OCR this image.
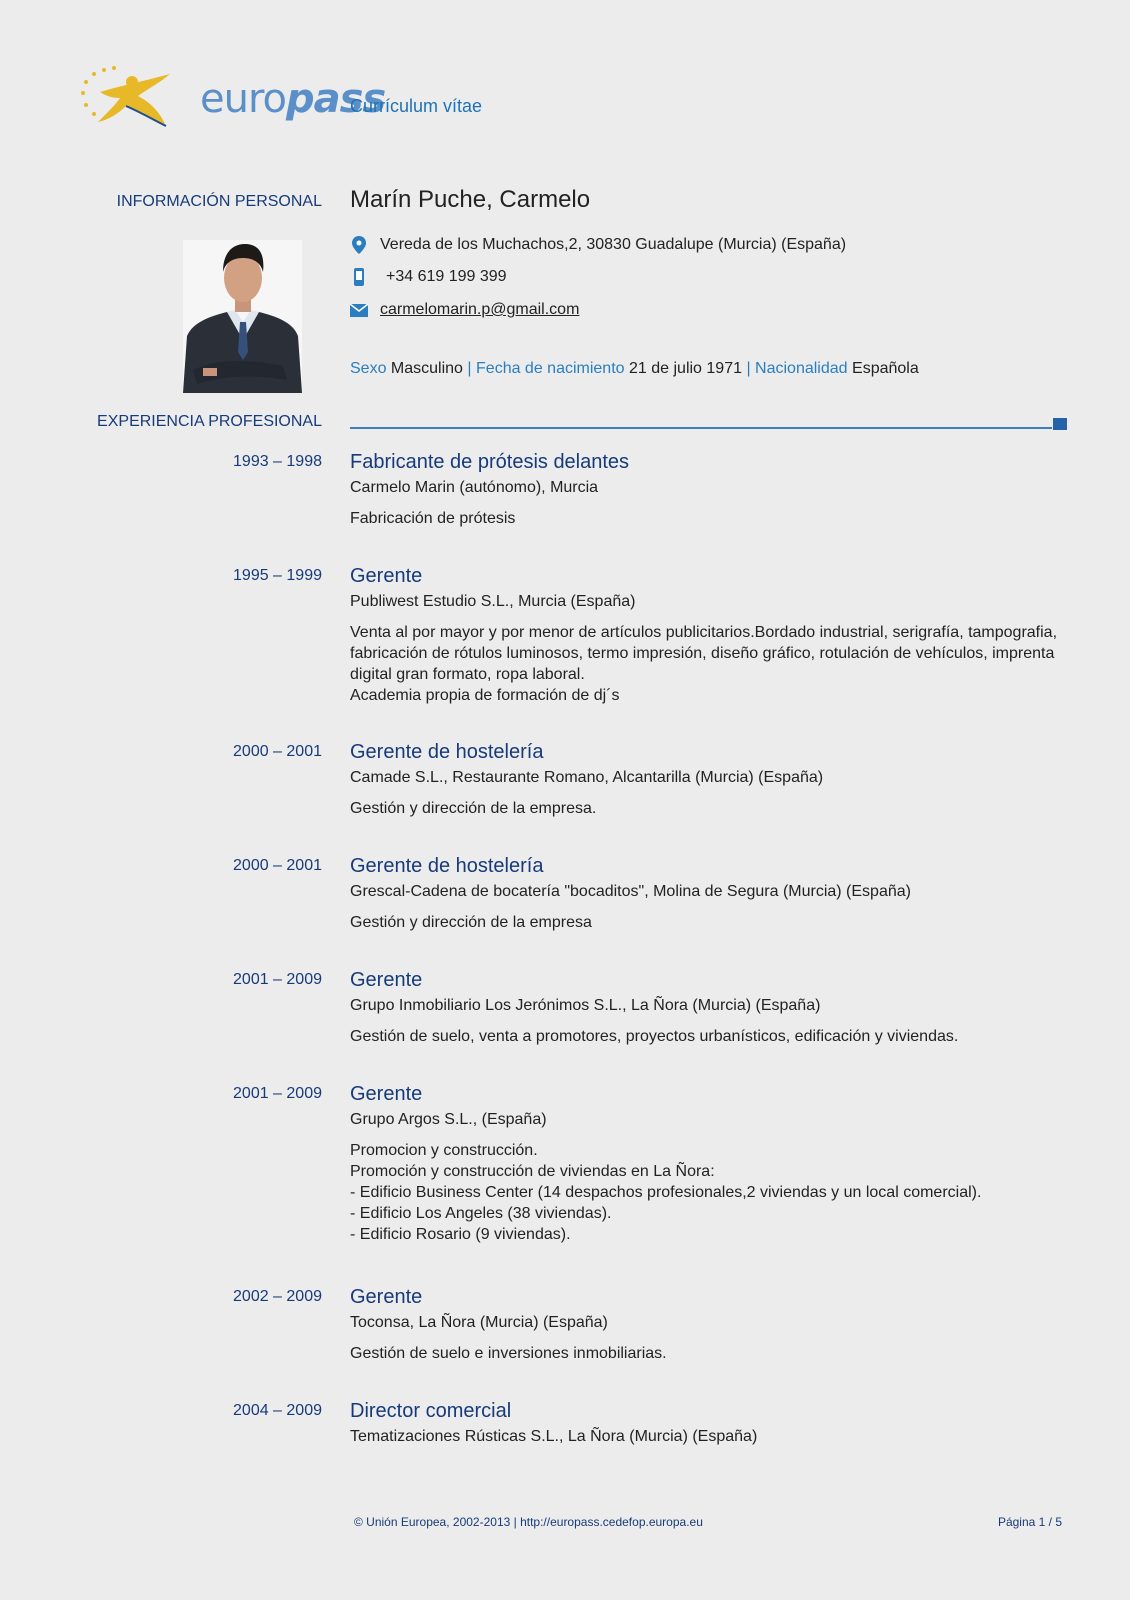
europass
Currículum vítae
INFORMACIÓN PERSONAL Marín Puche, Carmelo
Vereda de los Muchachos,2, 30830 Guadalupe (Murcia) (España)
+34 619 199 399
carmelomarin.p@gmail.com
Sexo Masculino | Fecha de nacimiento 21 de julio 1971 | Nacionalidad Española
EXPERIENCIA PROFESIONAL
1993 – 1998 Fabricante de prótesis delantes
Carmelo Marin (autónomo), Murcia
Fabricación de prótesis
1995 – 1999 Gerente
Publiwest Estudio S.L., Murcia (España)
Venta al por mayor y por menor de artículos publicitarios.Bordado industrial, serigrafía, tampografia, fabricación de rótulos luminosos, termo impresión, diseño gráfico, rotulación de vehículos, imprenta digital gran formato, ropa laboral.
Academia propia de formación de dj´s
2000 – 2001 Gerente de hostelería
Camade S.L., Restaurante Romano, Alcantarilla (Murcia) (España)
Gestión y dirección de la empresa.
2000 – 2001 Gerente de hostelería
Grescal-Cadena de bocatería "bocaditos", Molina de Segura (Murcia) (España)
Gestión y dirección de la empresa
2001 – 2009 Gerente
Grupo Inmobiliario Los Jerónimos S.L., La Ñora (Murcia) (España)
Gestión de suelo, venta a promotores, proyectos urbanísticos, edificación y viviendas.
2001 – 2009 Gerente
Grupo Argos S.L., (España)
Promocion y construcción.
Promoción y construcción de viviendas en La Ñora:
- Edificio Business Center (14 despachos profesionales,2 viviendas y un local comercial).
- Edificio Los Angeles (38 viviendas).
- Edificio Rosario (9 viviendas).
2002 – 2009 Gerente
Toconsa, La Ñora (Murcia) (España)
Gestión de suelo e inversiones inmobiliarias.
2004 – 2009 Director comercial
Tematizaciones Rústicas S.L., La Ñora (Murcia) (España)
© Unión Europea, 2002-2013 | http://europass.cedefop.europa.eu	Página 1 / 5
